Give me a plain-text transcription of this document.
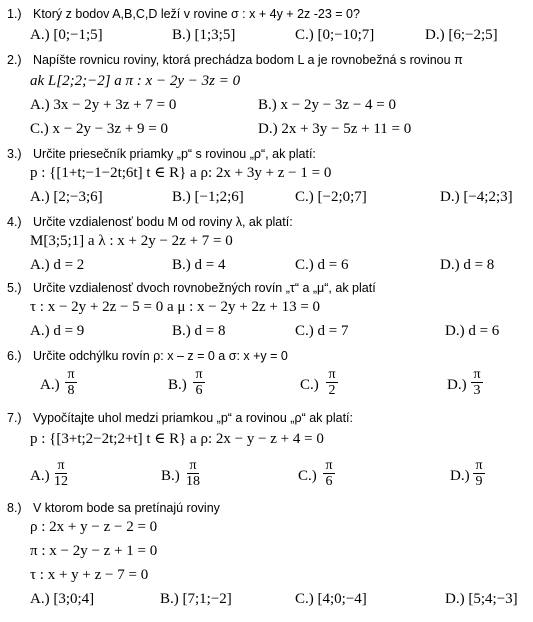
1.) Ktorý z bodov A,B,C,D leží v rovine σ : x + 4y + 2z -23 = 0?
A.) [0;−1;5]	B.) [1;3;5]	C.) [0;−10;7]	D.) [6;−2;5]
2.) Napíšte rovnicu roviny, ktorá prechádza bodom L a je rovnobežná s rovinou π
ak L[2;2;−2] a π : x − 2y − 3z = 0
A.) 3x − 2y + 3z + 7 = 0	B.) x − 2y − 3z − 4 = 0
C.) x − 2y − 3z + 9 = 0	D.) 2x + 3y − 5z + 11 = 0
3.) Určite priesečník priamky „p“ s rovinou „ρ“, ak platí:
p : {[1+t;−1−2t;6t] t ∈ R} a ρ: 2x + 3y + z − 1 = 0
A.) [2;−3;6]	B.) [−1;2;6]	C.) [−2;0;7]	D.) [−4;2;3]
4.) Určite vzdialenosť bodu M od roviny λ, ak platí:
M[3;5;1] a λ : x + 2y − 2z + 7 = 0
A.) d = 2	B.) d = 4	C.) d = 6	D.) d = 8
5.) Určite vzdialenosť dvoch rovnobežných rovín „τ“ a „μ“, ak platí
τ : x − 2y + 2z − 5 = 0 a μ : x − 2y + 2z + 13 = 0
A.) d = 9	B.) d = 8	C.) d = 7	D.) d = 6
6.) Určite odchýlku rovín ρ: x – z = 0 a σ: x +y = 0
$A.) \frac{\pi}{8}$	$B.) \frac{\pi}{6}$	$C.) \frac{\pi}{2}$	$D.) \frac{\pi}{3}$
7.) Vypočítajte uhol medzi priamkou „p“ a rovinou „ρ“ ak platí:
p : {[3+t;2−2t;2+t] t ∈ R} a ρ: 2x − y − z + 4 = 0
$A.) \frac{\pi}{12}$	$B.) \frac{\pi}{18}$	$C.) \frac{\pi}{6}$	$D.) \frac{\pi}{9}$
8.) V ktorom bode sa pretínajú roviny
ρ : 2x + y − z − 2 = 0
π : x − 2y − z + 1 = 0
τ : x + y + z − 7 = 0
A.) [3;0;4]	B.) [7;1;−2]	C.) [4;0;−4]	D.) [5;4;−3]
